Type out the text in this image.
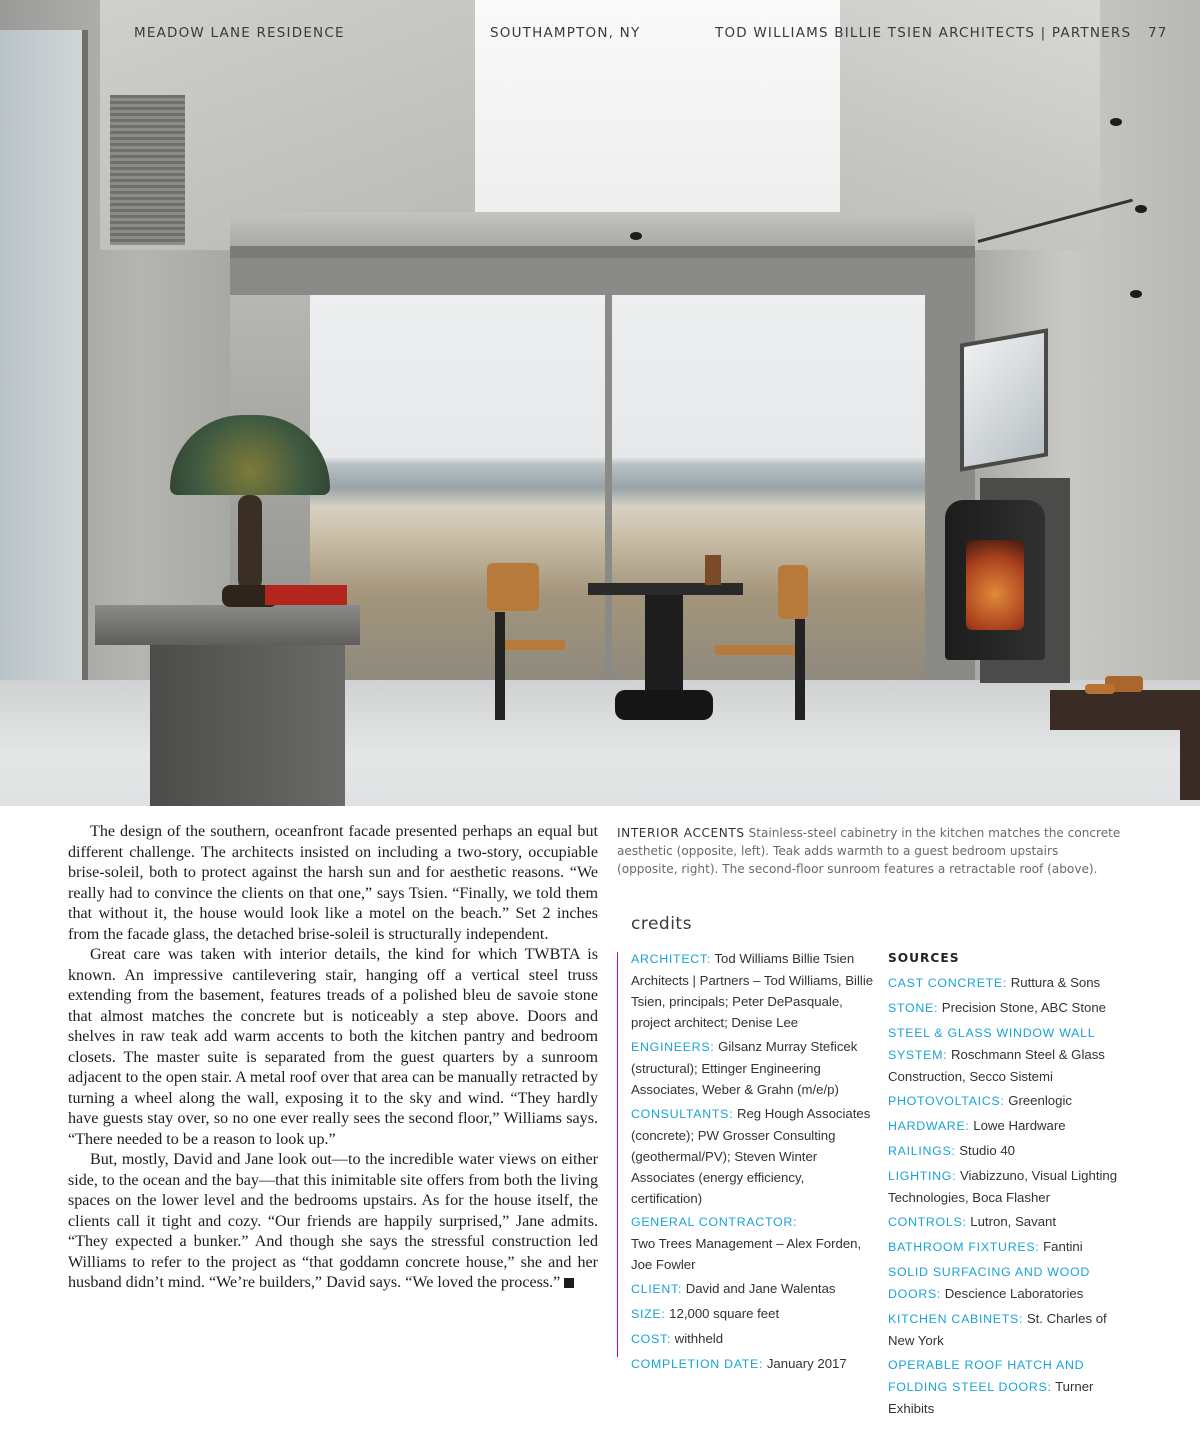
MEADOW LANE RESIDENCE	SOUTHAMPTON, NY	TOD WILLIAMS BILLIE TSIEN ARCHITECTS | PARTNERS 77

The design of the southern, oceanfront facade presented perhaps an equal but different challenge. The architects insisted on including a two-story, occupiable brise-soleil, both to protect against the harsh sun and for aesthetic reasons. “We really had to convince the clients on that one,” says Tsien. “Finally, we told them that without it, the house would look like a motel on the beach.” Set 2 inches from the facade glass, the detached brise-soleil is structurally independent.

Great care was taken with interior details, the kind for which TWBTA is known. An impressive cantilevering stair, hanging off a vertical steel truss extending from the basement, features treads of a polished bleu de savoie stone that almost matches the concrete but is noticeably a step above. Doors and shelves in raw teak add warm accents to both the kitchen pantry and bedroom closets. The master suite is separated from the guest quarters by a sunroom adjacent to the open stair. A metal roof over that area can be manually retracted by turning a wheel along the wall, exposing it to the sky and wind. “They hardly have guests stay over, so no one ever really sees the second floor,” Williams says. “There needed to be a reason to look up.”

But, mostly, David and Jane look out—to the incredible water views on either side, to the ocean and the bay—that this inimitable site offers from both the living spaces on the lower level and the bedrooms upstairs. As for the house itself, the clients call it tight and cozy. “Our friends are happily surprised,” Jane admits. “They expected a bunker.” And though she says the stressful construction led Williams to refer to the project as “that goddamn concrete house,” she and her husband didn’t mind. “We’re builders,” David says. “We loved the process.”

INTERIOR ACCENTS Stainless-steel cabinetry in the kitchen matches the concrete aesthetic (opposite, left). Teak adds warmth to a guest bedroom upstairs (opposite, right). The second-floor sunroom features a retractable roof (above).
credits
ARCHITECT: Tod Williams Billie Tsien Architects | Partners – Tod Williams, Billie Tsien, principals; Peter DePasquale, project architect; Denise Lee
ENGINEERS: Gilsanz Murray Steficek (structural); Ettinger Engineering Associates, Weber & Grahn (m/e/p)
CONSULTANTS: Reg Hough Associates (concrete); PW Grosser Consulting (geothermal/PV); Steven Winter Associates (energy efficiency, certification)
GENERAL CONTRACTOR:
Two Trees Management – Alex Forden, Joe Fowler
CLIENT: David and Jane Walentas
SIZE: 12,000 square feet
COST: withheld
COMPLETION DATE: January 2017
SOURCES
CAST CONCRETE: Ruttura & Sons
STONE: Precision Stone, ABC Stone
STEEL & GLASS WINDOW WALL SYSTEM: Roschmann Steel & Glass Construction, Secco Sistemi
PHOTOVOLTAICS: Greenlogic
HARDWARE: Lowe Hardware
RAILINGS: Studio 40
LIGHTING: Viabizzuno, Visual Lighting Technologies, Boca Flasher
CONTROLS: Lutron, Savant
BATHROOM FIXTURES: Fantini
SOLID SURFACING AND WOOD DOORS: Descience Laboratories
KITCHEN CABINETS: St. Charles of New York
OPERABLE ROOF HATCH AND FOLDING STEEL DOORS: Turner Exhibits
